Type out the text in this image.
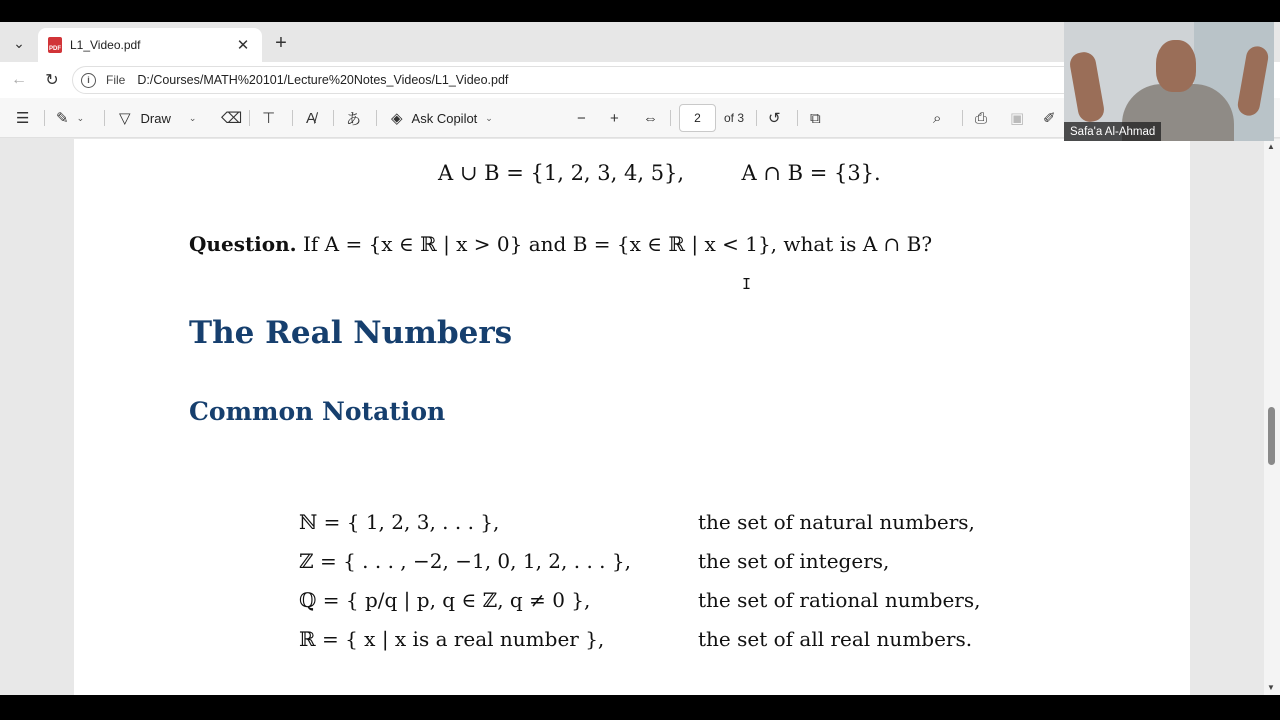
⌄	PDF L1_Video.pdf	✕	+
←	↻	i	File D:/Courses/MATH%20101/Lecture%20Notes_Videos/L1_Video.pdf
☰ ✎ ⌄ ▽ Draw ⌄ ⌫ ⊤ A̸ あ ◈ Ask Copilot ⌄	− + ⇔	2	of 3 ↺ ⧉	⌕ ⎙ ▣ ✐
A ∪ B = {1, 2, 3, 4, 5},	A ∩ B = {3}.
Question. If A = {x ∈ ℝ | x > 0} and B = {x ∈ ℝ | x < 1}, what is A ∩ B?
The Real Numbers
Common Notation
ℕ = { 1, 2, 3, . . . },	the set of natural numbers,
ℤ = { . . . , −2, −1, 0, 1, 2, . . . },	the set of integers,
ℚ = { p/q | p, q ∈ ℤ, q ≠ 0 },	the set of rational numbers,
ℝ = { x | x is a real number },	the set of all real numbers.
I
▲
▼
Safa'a Al-Ahmad
